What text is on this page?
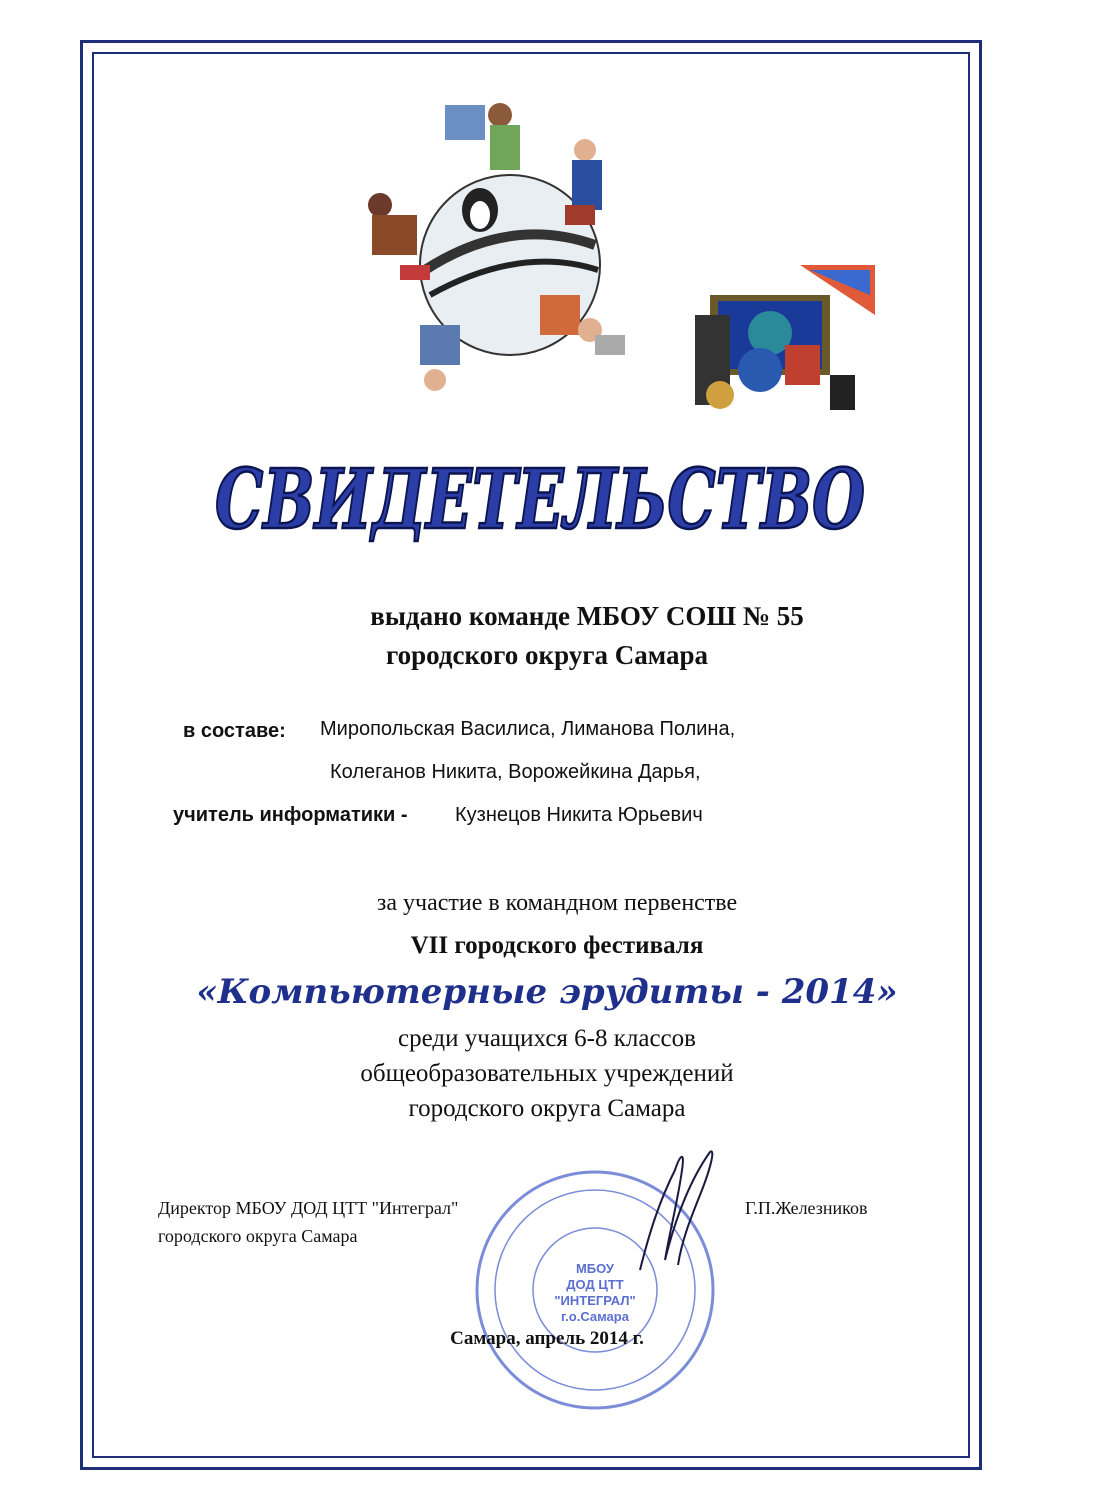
СВИДЕТЕЛЬСТВО
выдано команде МБОУ СОШ № 55
городского округа Самара
в составе: Миропольская Василиса, Лиманова Полина,
Колеганов Никита, Ворожейкина Дарья,
учитель информатики - Кузнецов Никита Юрьевич
за участие в командном первенстве
VII городского фестиваля
«Компьютерные эрудиты - 2014»
среди учащихся 6-8 классов
общеобразовательных учреждений
городского округа Самара
МБОУ
ДОД ЦТТ
"ИНТЕГРАЛ"
г.о.Самара
Директор МБОУ ДОД ЦТТ "Интеграл"
городского округа Самара
Г.П.Железников
Самара, апрель 2014 г.
